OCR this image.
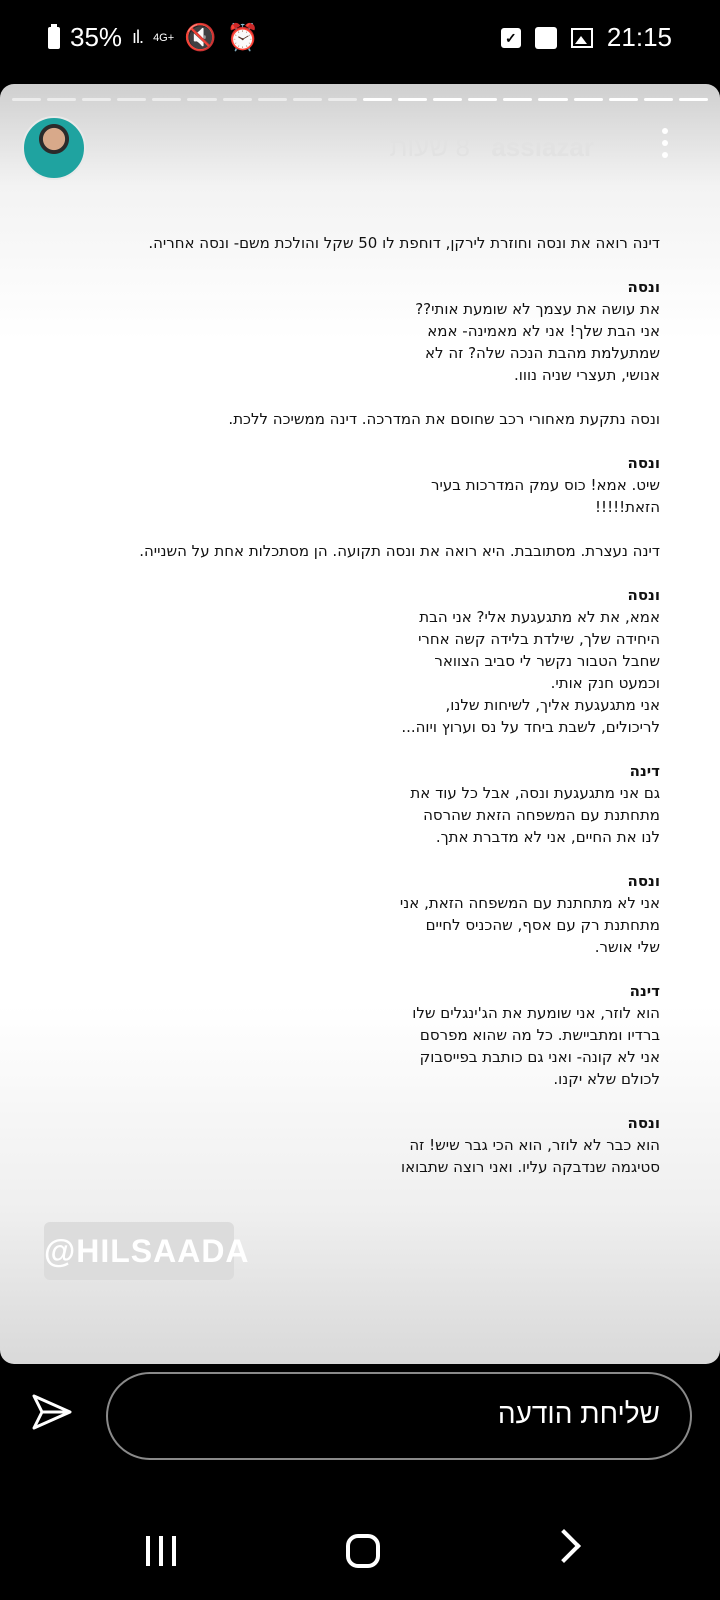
35% ıl. 4G+ 🔇 ⏰	✓	21:15
8 שעות assiazar

דינה רואה את ונסה וחוזרת לירקן, דוחפת לו 50 שקל והולכת משם- ונסה אחריה.

ונסה
את עושה את עצמך לא שומעת אותי??
אני הבת שלך! אני לא מאמינה- אמא
שמתעלמת מהבת הנכה שלה? זה לא
אנושי, תעצרי שניה נווו.

ונסה נתקעת מאחורי רכב שחוסם את המדרכה. דינה ממשיכה ללכת.

ונסה
שיט. אמא! כוס עמק המדרכות בעיר
הזאת!!!!!

דינה נעצרת. מסתובבת. היא רואה את ונסה תקועה. הן מסתכלות אחת על השנייה.

ונסה
אמא, את לא מתגעגעת אלי? אני הבת
היחידה שלך, שילדת בלידה קשה אחרי
שחבל הטבור נקשר לי סביב הצוואר
וכמעט חנק אותי.
אני מתגעגעת אליך, לשיחות שלנו,
לריכולים, לשבת ביחד על נס וערוץ ויוה...

דינה
גם אני מתגעגעת ונסה, אבל כל עוד את
מתחתנת עם המשפחה הזאת שהרסה
לנו את החיים, אני לא מדברת אתך.

ונסה
אני לא מתחתנת עם המשפחה הזאת, אני
מתחתנת רק עם אסף, שהכניס לחיים
שלי אושר.

דינה
הוא לוזר, אני שומעת את הג'ינגלים שלו
ברדיו ומתביישת. כל מה שהוא מפרסם
אני לא קונה- ואני גם כותבת בפייסבוק
לכולם שלא יקנו.

ונסה
הוא כבר לא לוזר, הוא הכי גבר שיש! זה
סטיגמה שנדבקה עליו. ואני רוצה שתבואו

@HILSAADA
שליחת הודעה
